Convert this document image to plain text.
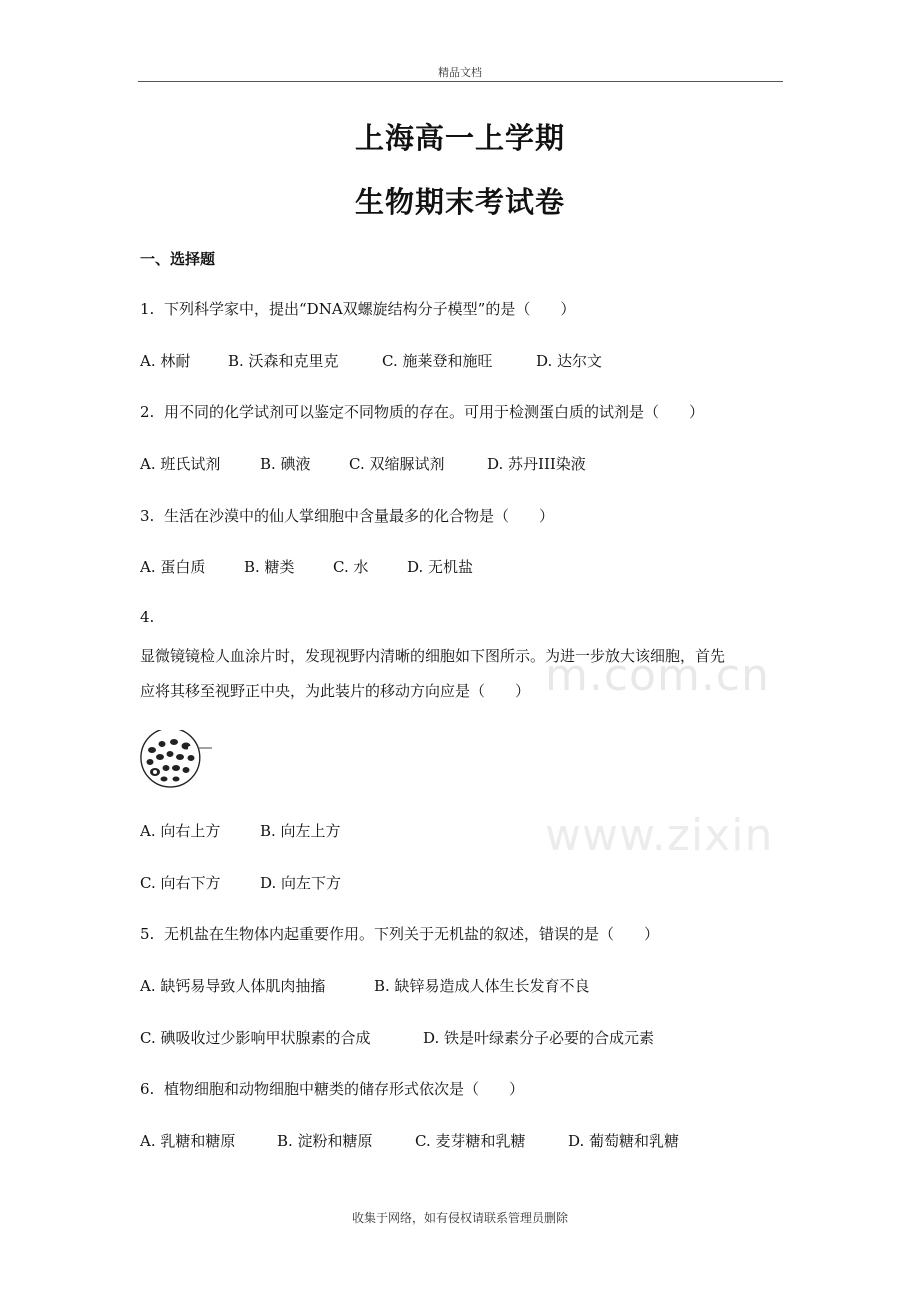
精品文档
上海高一上学期
生物期末考试卷
一、选择题
m.com.cn
www.zixin
1. 下列科学家中，提出“DNA双螺旋结构分子模型”的是（　　）
A. 林耐	B. 沃森和克里克	C. 施莱登和施旺	D. 达尔文
2. 用不同的化学试剂可以鉴定不同物质的存在。可用于检测蛋白质的试剂是（　　）
A. 班氏试剂	B. 碘液	C. 双缩脲试剂	D. 苏丹III染液
3. 生活在沙漠中的仙人掌细胞中含量最多的化合物是（　　）
A. 蛋白质	B. 糖类	C. 水	D. 无机盐
4.
显微镜镜检人血涂片时，发现视野内清晰的细胞如下图所示。为进一步放大该细胞，首先
应将其移至视野正中央，为此装片的移动方向应是（　　）
A. 向右上方	B. 向左上方
C. 向右下方	D. 向左下方
5. 无机盐在生物体内起重要作用。下列关于无机盐的叙述，错误的是（　　）
A. 缺钙易导致人体肌肉抽搐	B. 缺锌易造成人体生长发育不良
C. 碘吸收过少影响甲状腺素的合成	D. 铁是叶绿素分子必要的合成元素
6. 植物细胞和动物细胞中糖类的储存形式依次是（　　）
A. 乳糖和糖原	B. 淀粉和糖原	C. 麦芽糖和乳糖	D. 葡萄糖和乳糖
收集于网络，如有侵权请联系管理员删除
